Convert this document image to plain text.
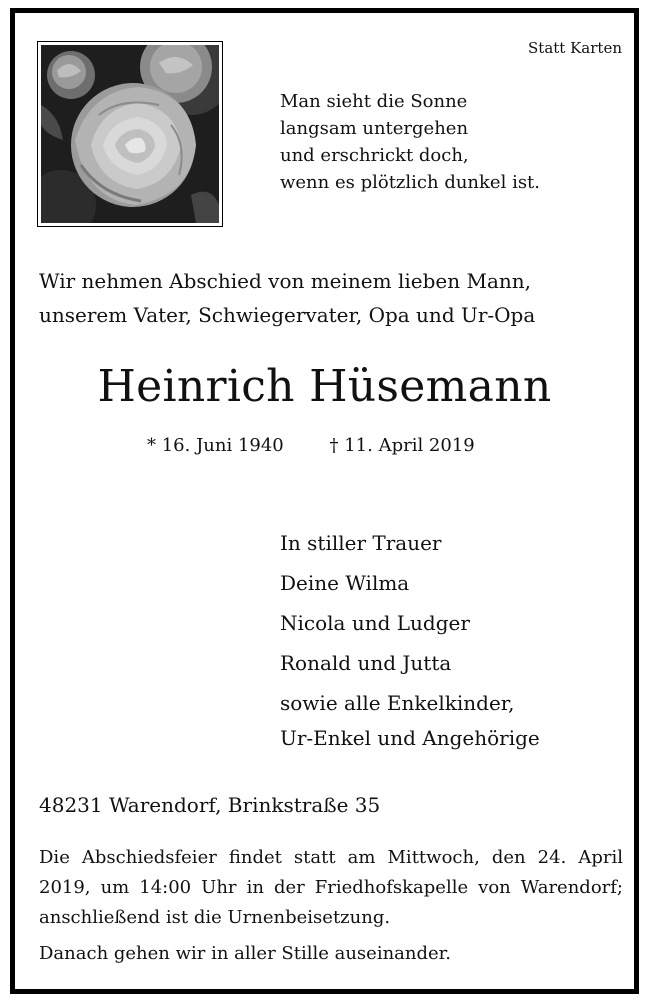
Statt Karten
Man sieht die Sonne
langsam untergehen
und erschrickt doch,
wenn es plötzlich dunkel ist.
Wir nehmen Abschied von meinem lieben Mann,
unserem Vater, Schwiegervater, Opa und Ur-Opa
Heinrich Hüsemann
* 16. Juni 1940	† 11. April 2019
In stiller Trauer
Deine Wilma
Nicola und Ludger
Ronald und Jutta
sowie alle Enkelkinder,
Ur-Enkel und Angehörige
48231 Warendorf, Brinkstraße 35
Die Abschiedsfeier findet statt am Mittwoch, den 24. April 2019, um 14:00 Uhr in der Friedhofskapelle von Warendorf; anschließend ist die Urnenbeisetzung.
Danach gehen wir in aller Stille auseinander.
